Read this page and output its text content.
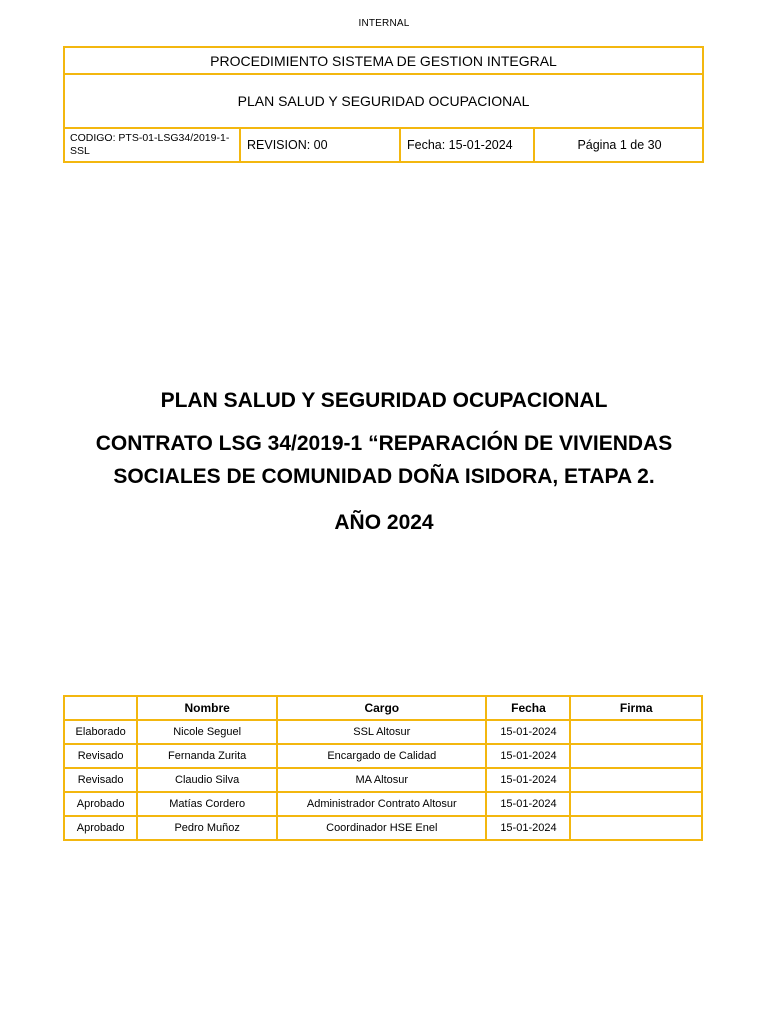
INTERNAL
PROCEDIMIENTO SISTEMA DE GESTION INTEGRAL
PLAN SALUD Y SEGURIDAD OCUPACIONAL
CODIGO: PTS-01-LSG34/2019-1-SSL	REVISION: 00	Fecha: 15-01-2024	Página 1 de 30
PLAN SALUD Y SEGURIDAD OCUPACIONAL
CONTRATO LSG 34/2019-1 “REPARACIÓN DE VIVIENDAS
SOCIALES DE COMUNIDAD DOÑA ISIDORA, ETAPA 2.
AÑO 2024
	Nombre	Cargo	Fecha	Firma
Elaborado	Nicole Seguel	SSL Altosur	15-01-2024	
Revisado	Fernanda Zurita	Encargado de Calidad	15-01-2024	
Revisado	Claudio Silva	MA Altosur	15-01-2024	
Aprobado	Matías Cordero	Administrador Contrato Altosur	15-01-2024	
Aprobado	Pedro Muñoz	Coordinador HSE Enel	15-01-2024	
